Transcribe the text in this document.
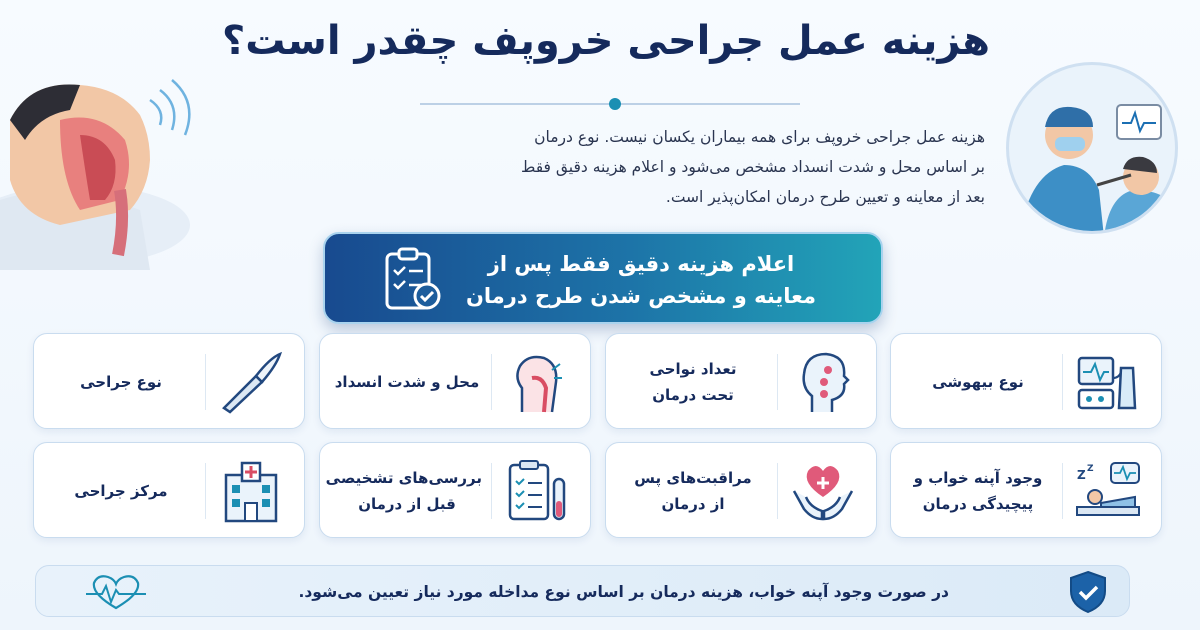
هزینه عمل جراحی خروپف چقدر است؟

هزینه عمل جراحی خروپف برای همه بیماران یکسان نیست. نوع درمان

بر اساس محل و شدت انسداد مشخص می‌شود و اعلام هزینه دقیق فقط

بعد از معاینه و تعیین طرح درمان امکان‌پذیر است.

اعلام هزینه دقیق فقط پس از

معاینه و مشخص شدن طرح درمان

نوع بیهوشی

تعداد نواحی

تحت درمان

محل و شدت انسداد

نوع جراحی

Z Z

وجود آپنه خواب و

پیچیدگی درمان

مراقبت‌های پس

از درمان

بررسی‌های تشخیصی

قبل از درمان

مرکز جراحی

در صورت وجود آپنه خواب، هزینه درمان بر اساس نوع مداخله مورد نیاز تعیین می‌شود.
